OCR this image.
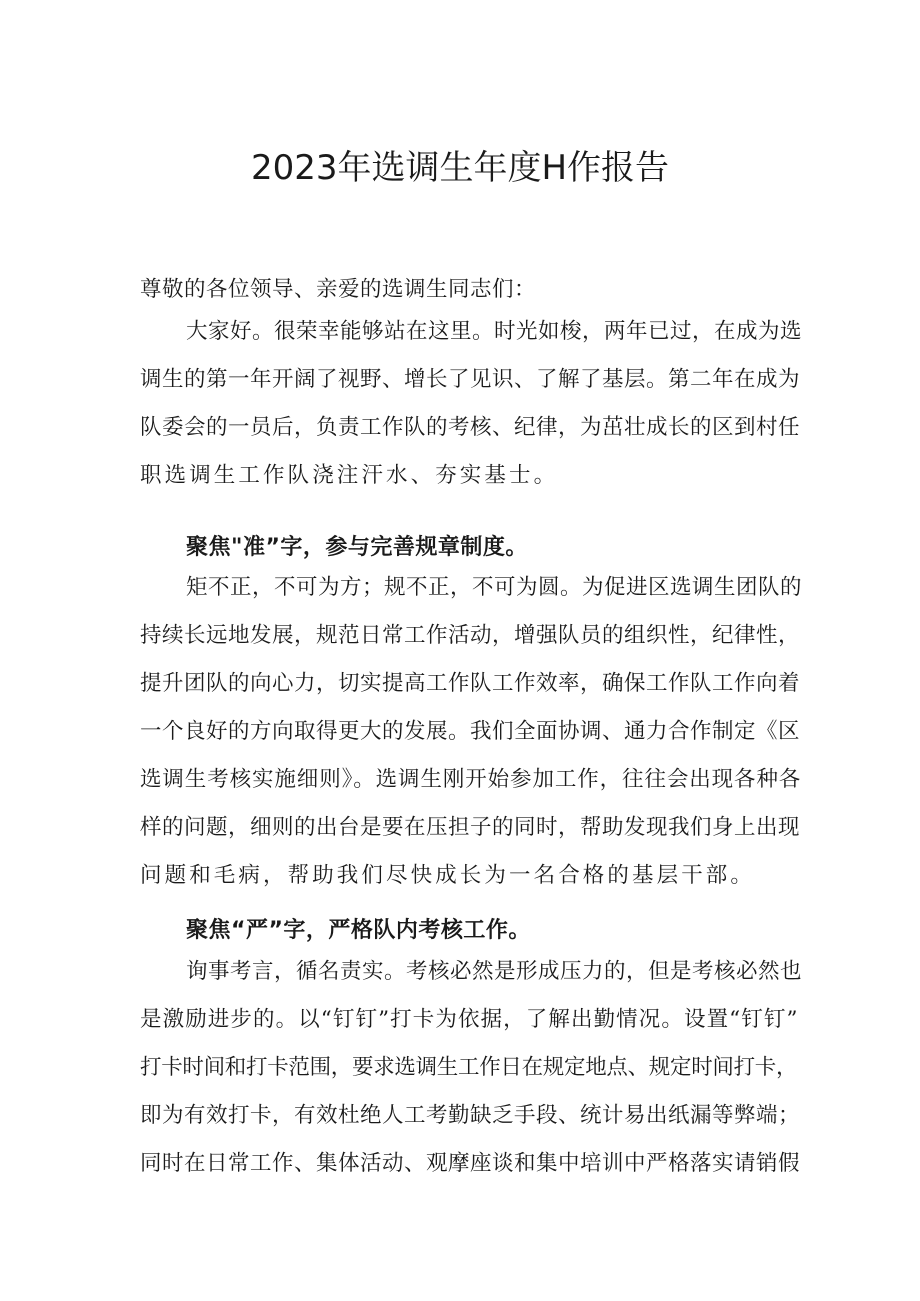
2023年选调生年度H作报告
尊敬的各位领导、亲爱的选调生同志们：
大家好。很荣幸能够站在这里。时光如梭，两年已过，在成为选
调生的第一年开阔了视野、增长了见识、了解了基层。第二年在成为
队委会的一员后，负责工作队的考核、纪律，为茁壮成长的区到村任
职选调生工作队浇注汗水、夯实基士。
聚焦"准”字，参与完善规章制度。
矩不正，不可为方；规不正，不可为圆。为促进区选调生团队的
持续长远地发展，规范日常工作活动，增强队员的组织性，纪律性，
提升团队的向心力，切实提高工作队工作效率，确保工作队工作向着
一个良好的方向取得更大的发展。我们全面协调、通力合作制定《区
选调生考核实施细则》。选调生刚开始参加工作，往往会出现各种各
样的问题，细则的出台是要在压担子的同时，帮助发现我们身上出现
问题和毛病，帮助我们尽快成长为一名合格的基层干部。
聚焦“严”字，严格队内考核工作。
询事考言，循名责实。考核必然是形成压力的，但是考核必然也
是激励进步的。以“钉钉”打卡为依据，了解出勤情况。设置“钉钉”
打卡时间和打卡范围，要求选调生工作日在规定地点、规定时间打卡，
即为有效打卡，有效杜绝人工考勤缺乏手段、统计易出纸漏等弊端；
同时在日常工作、集体活动、观摩座谈和集中培训中严格落实请销假
